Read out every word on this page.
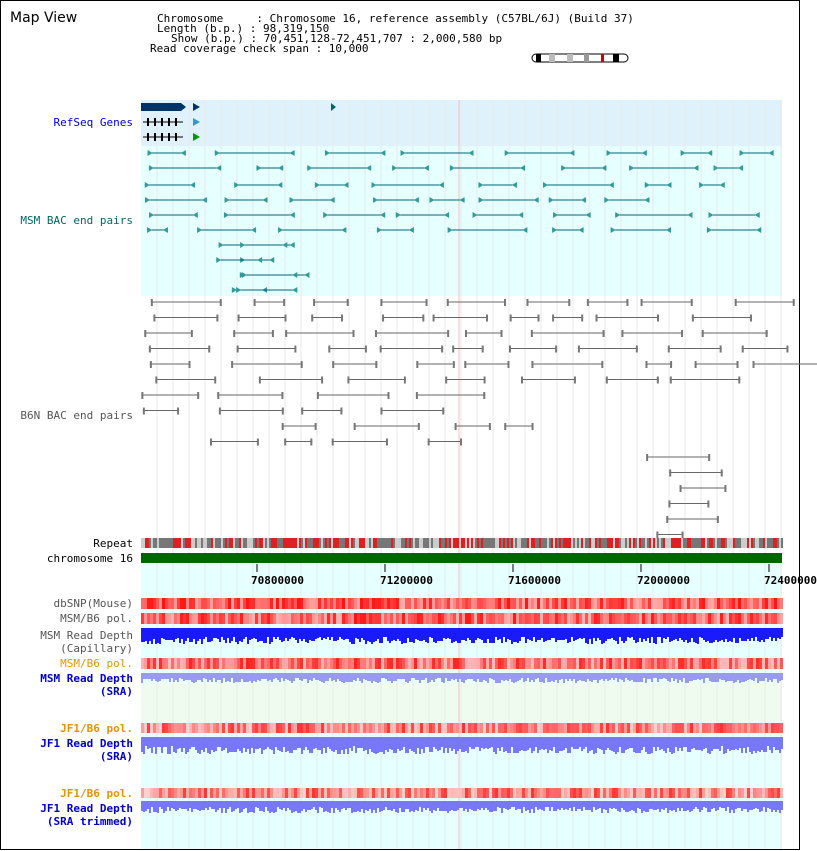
Map View	Chromosome     : Chromosome 16, reference assembly (C57BL/6J) (Build 37)
Length (b.p.) : 98,319,150
Show (b.p.) : 70,451,128-72,451,707 : 2,000,580 bp
Read coverage check span : 10,000
RefSeq Genes
MSM BAC end pairs
B6N BAC end pairs
Repeat
chromosome 16
dbSNP(Mouse)
MSM/B6 pol.
MSM Read Depth
(Capillary)
MSM/B6 pol.
MSM Read Depth
(SRA)
JF1/B6 pol.
JF1 Read Depth
(SRA)
JF1/B6 pol.
JF1 Read Depth
(SRA trimmed)
70800000	71200000	71600000	72000000	72400000
